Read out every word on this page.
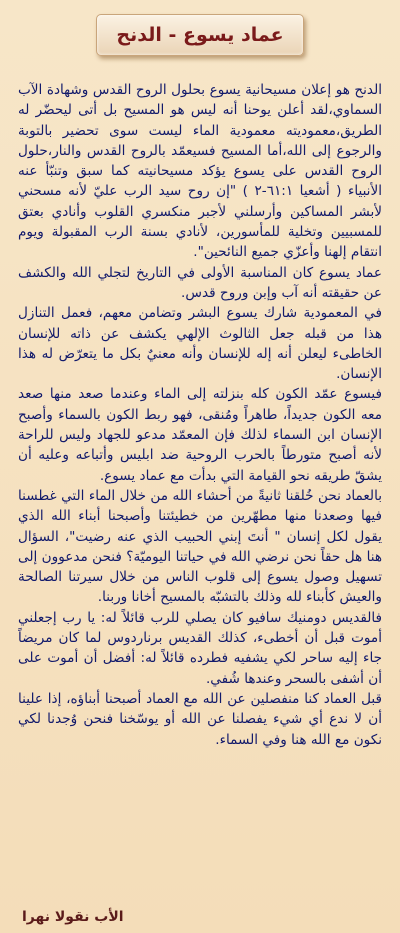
عماد يسوع - الدنح

الدنح هو إعلان مسيحانية يسوع بحلول الروح القدس وشهادة الآب السماوي،لقد أعلن يوحنا أنه ليس هو المسيح بل أتى ليحضّر له الطريق،معموديته معمودية الماء ليست سوى تحضير بالتوبة والرجوع إلى الله،أما المسيح فسيعمّد بالروح القدس والنار،حلول الروح القدس على يسوع يؤكد مسيحانيته كما سبق وتنبّأ عنه الأنبياء ( أشعيا ٦١:١-٢ ) "إن روح سيد الرب عليّ لأنه مسحني لأبشر المساكين وأرسلني لأجبر منكسري القلوب وأنادي بعتق للمسبيين وتخلية للمأسورين، لأنادي بسنة الرب المقبولة ويوم انتقام إلهنا وأعزّي جميع النائحين".

عماد يسوع كان المناسبة الأولى في التاريخ لتجلي الله والكشف عن حقيقته أنه آب وإبن وروح قدس.

في المعمودية شارك يسوع البشر وتضامن معهم، فعمل التنازل هذا من قبله جعل الثالوث الإلهي يكشف عن ذاته للإنسان الخاطىء ليعلن أنه إله للإنسان وأنه معنيٌ بكل ما يتعرّض له هذا الإنسان.

فيسوع عمّد الكون كله بنزلته إلى الماء وعندما صعد منها صعد معه الكون جديداً، طاهراً ومُنقى، فهو ربط الكون بالسماء وأصبح الإنسان ابن السماء لذلك فإن المعمّد مدعو للجهاد وليس للراحة لأنه أصبح متورطاً بالحرب الروحية ضد ابليس وأتباعه وعليه أن يشقّ طريقه نحو القيامة التي بدأت مع عماد يسوع.

بالعماد نحن خُلقنا ثانيةً من أحشاء الله من خلال الماء التي غطسنا فيها وصعدنا منها مطهّرين من خطيئتنا وأصبحنا أبناء الله الذي يقول لكل إنسان " أنتَ إبني الحبيب الذي عنه رضيت"، السؤال هنا هل حقاً نحن نرضي الله في حياتنا اليوميّة؟ فنحن مدعوون إلى تسهيل وصول يسوع إلى قلوب الناس من خلال سيرتنا الصالحة والعيش كأبناء لله وذلك بالتشبّه بالمسيح أخانا وربنا.

فالقديس دومنيك سافيو كان يصلي للرب قائلاً له: يا رب إجعلني أموت قبل أن أخطىء، كذلك القديس برناردوس لما كان مريضاً جاء إليه ساحر لكي يشفيه فطرده قائلاً له: أفضل أن أموت على أن أشفى بالسحر وعندها شُفي.

قبل العماد كنا منفصلين عن الله مع العماد أصبحنا أبناؤه، إذا علينا أن لا ندع أي شيء يفصلنا عن الله أو يوسّخنا فنحن وُجدنا لكي نكون مع الله هنا وفي السماء.

الأب نقولا نهرا
